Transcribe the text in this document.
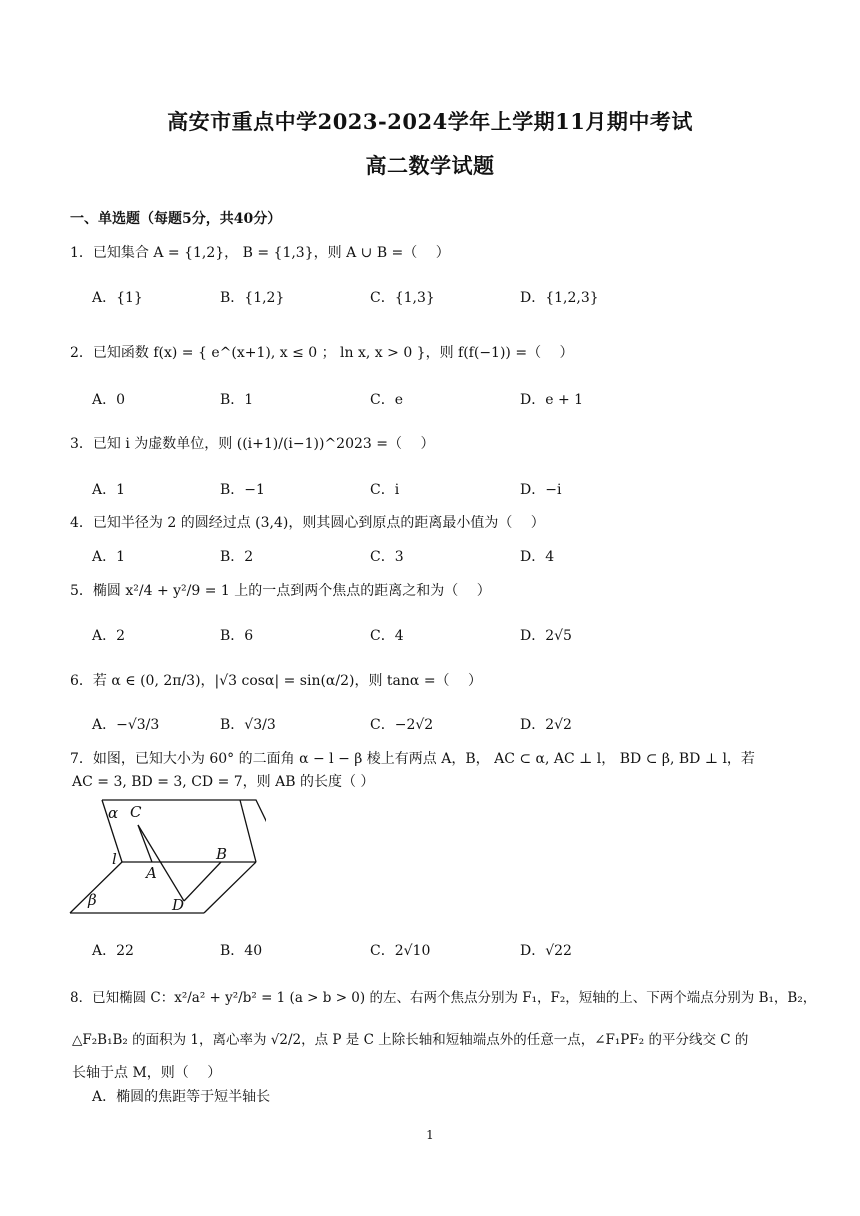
高安市重点中学2023-2024学年上学期11月期中考试
高二数学试题
一、单选题（每题5分，共40分）
1．已知集合 A = {1,2}， B = {1,3}，则 A ∪ B =（　 ）
A．{1}	B．{1,2}	C．{1,3}	D．{1,2,3}
2．已知函数 f(x) = { e^(x+1), x ≤ 0 ； ln x, x > 0 }，则 f(f(−1)) =（　 ）
A．0	B．1	C．e	D．e + 1
3．已知 i 为虚数单位，则 ((i+1)/(i−1))^2023 =（　 ）
A．1	B．−1	C．i	D．−i
4．已知半径为 2 的圆经过点 (3,4)，则其圆心到原点的距离最小值为（　 ）
A．1	B．2	C．3	D．4
5．椭圆 x²/4 + y²/9 = 1 上的一点到两个焦点的距离之和为（　 ）
A．2	B．6	C．4	D．2√5
6．若 α ∈ (0, 2π/3)，|√3 cosα| = sin(α/2)，则 tanα =（　 ）
A．−√3/3	B．√3/3	C．−2√2	D．2√2
7．如图，已知大小为 60° 的二面角 α − l − β 棱上有两点 A，B， AC ⊂ α, AC ⊥ l， BD ⊂ β, BD ⊥ l，若
AC = 3, BD = 3, CD = 7，则 AB 的长度（ ）
α C
l
A
B
β	D
A．22	B．40	C．2√10	D．√22
8．已知椭圆 C：x²/a² + y²/b² = 1 (a > b > 0) 的左、右两个焦点分别为 F₁，F₂，短轴的上、下两个端点分别为 B₁，B₂，
△F₂B₁B₂ 的面积为 1，离心率为 √2/2，点 P 是 C 上除长轴和短轴端点外的任意一点，∠F₁PF₂ 的平分线交 C 的
长轴于点 M，则（　 ）
A．椭圆的焦距等于短半轴长
1
